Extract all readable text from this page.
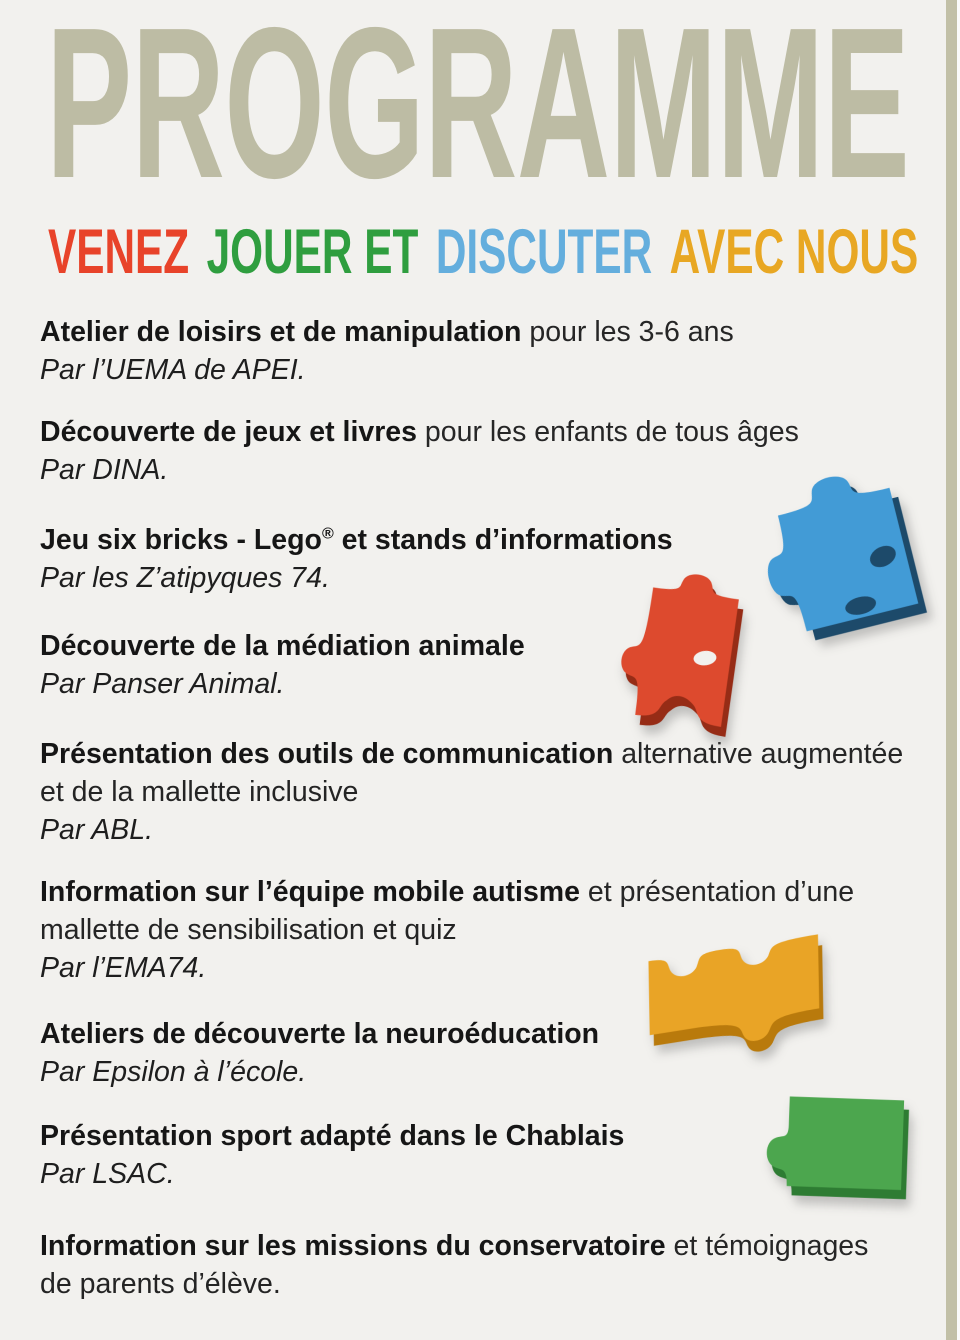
PROGRAMME
VENEZ JOUER ET DISCUTER AVEC NOUS
Atelier de loisirs et de manipulation pour les 3-6 ans
Par l’UEMA de APEI.
Découverte de jeux et livres pour les enfants de tous âges
Par DINA.
Jeu six bricks - Lego® et stands d’informations
Par les Z’atipyques 74.
Découverte de la médiation animale
Par Panser Animal.
Présentation des outils de communication alternative augmentée
et de la mallette inclusive
Par ABL.
Information sur l’équipe mobile autisme et présentation d’une
mallette de sensibilisation et quiz
Par l’EMA74.
Ateliers de découverte la neuroéducation
Par Epsilon à l’école.
Présentation sport adapté dans le Chablais
Par LSAC.
Information sur les missions du conservatoire et témoignages
de parents d’élève.
